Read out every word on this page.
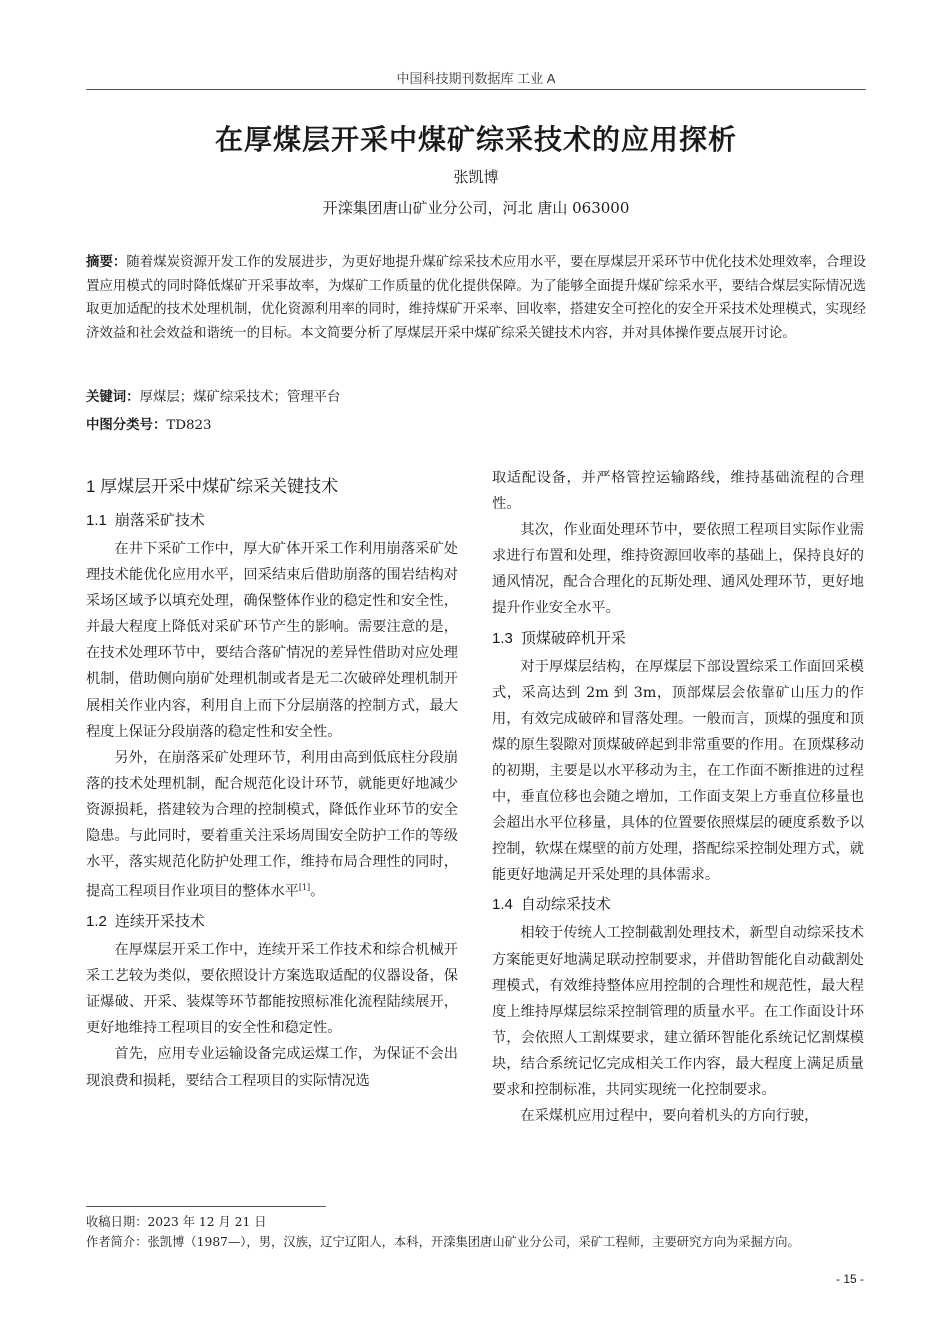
中国科技期刊数据库 工业 A
在厚煤层开采中煤矿综采技术的应用探析
张凯博
开滦集团唐山矿业分公司，河北 唐山 063000
摘要：随着煤炭资源开发工作的发展进步，为更好地提升煤矿综采技术应用水平，要在厚煤层开采环节中优化技术处理效率，合理设置应用模式的同时降低煤矿开采事故率，为煤矿工作质量的优化提供保障。为了能够全面提升煤矿综采水平，要结合煤层实际情况选取更加适配的技术处理机制，优化资源利用率的同时，维持煤矿开采率、回收率，搭建安全可控化的安全开采技术处理模式，实现经济效益和社会效益和谐统一的目标。本文简要分析了厚煤层开采中煤矿综采关键技术内容，并对具体操作要点展开讨论。
关键词：厚煤层；煤矿综采技术；管理平台
中图分类号：TD823
1 厚煤层开采中煤矿综采关键技术
1.1 崩落采矿技术

在井下采矿工作中，厚大矿体开采工作利用崩落采矿处理技术能优化应用水平，回采结束后借助崩落的围岩结构对采场区域予以填充处理，确保整体作业的稳定性和安全性，并最大程度上降低对采矿环节产生的影响。需要注意的是，在技术处理环节中，要结合落矿情况的差异性借助对应处理机制，借助侧向崩矿处理机制或者是无二次破碎处理机制开展相关作业内容，利用自上而下分层崩落的控制方式，最大程度上保证分段崩落的稳定性和安全性。

另外，在崩落采矿处理环节，利用由高到低底柱分段崩落的技术处理机制，配合规范化设计环节，就能更好地减少资源损耗，搭建较为合理的控制模式，降低作业环节的安全隐患。与此同时，要着重关注采场周围安全防护工作的等级水平，落实规范化防护处理工作，维持布局合理性的同时，提高工程项目作业项目的整体水平[1]。

1.2 连续开采技术

在厚煤层开采工作中，连续开采工作技术和综合机械开采工艺较为类似，要依照设计方案选取适配的仪器设备，保证爆破、开采、装煤等环节都能按照标准化流程陆续展开，更好地维持工程项目的安全性和稳定性。

首先，应用专业运输设备完成运煤工作，为保证不会出现浪费和损耗，要结合工程项目的实际情况选

取适配设备，并严格管控运输路线，维持基础流程的合理性。

其次，作业面处理环节中，要依照工程项目实际作业需求进行布置和处理，维持资源回收率的基础上，保持良好的通风情况，配合合理化的瓦斯处理、通风处理环节，更好地提升作业安全水平。

1.3 顶煤破碎机开采

对于厚煤层结构，在厚煤层下部设置综采工作面回采模式，采高达到 2m 到 3m，顶部煤层会依靠矿山压力的作用，有效完成破碎和冒落处理。一般而言，顶煤的强度和顶煤的原生裂隙对顶煤破碎起到非常重要的作用。在顶煤移动的初期，主要是以水平移动为主，在工作面不断推进的过程中，垂直位移也会随之增加，工作面支架上方垂直位移量也会超出水平位移量，具体的位置要依照煤层的硬度系数予以控制，软煤在煤壁的前方处理，搭配综采控制处理方式，就能更好地满足开采处理的具体需求。

1.4 自动综采技术

相较于传统人工控制截割处理技术，新型自动综采技术方案能更好地满足联动控制要求，并借助智能化自动截割处理模式，有效维持整体应用控制的合理性和规范性，最大程度上维持厚煤层综采控制管理的质量水平。在工作面设计环节，会依照人工割煤要求，建立循环智能化系统记忆割煤模块，结合系统记忆完成相关工作内容，最大程度上满足质量要求和控制标准，共同实现统一化控制要求。

在采煤机应用过程中，要向着机头的方向行驶，

收稿日期：2023 年 12 月 21 日
作者简介：张凯博（1987—），男，汉族，辽宁辽阳人，本科，开滦集团唐山矿业分公司，采矿工程师，主要研究方向为采掘方向。
- 15 -
